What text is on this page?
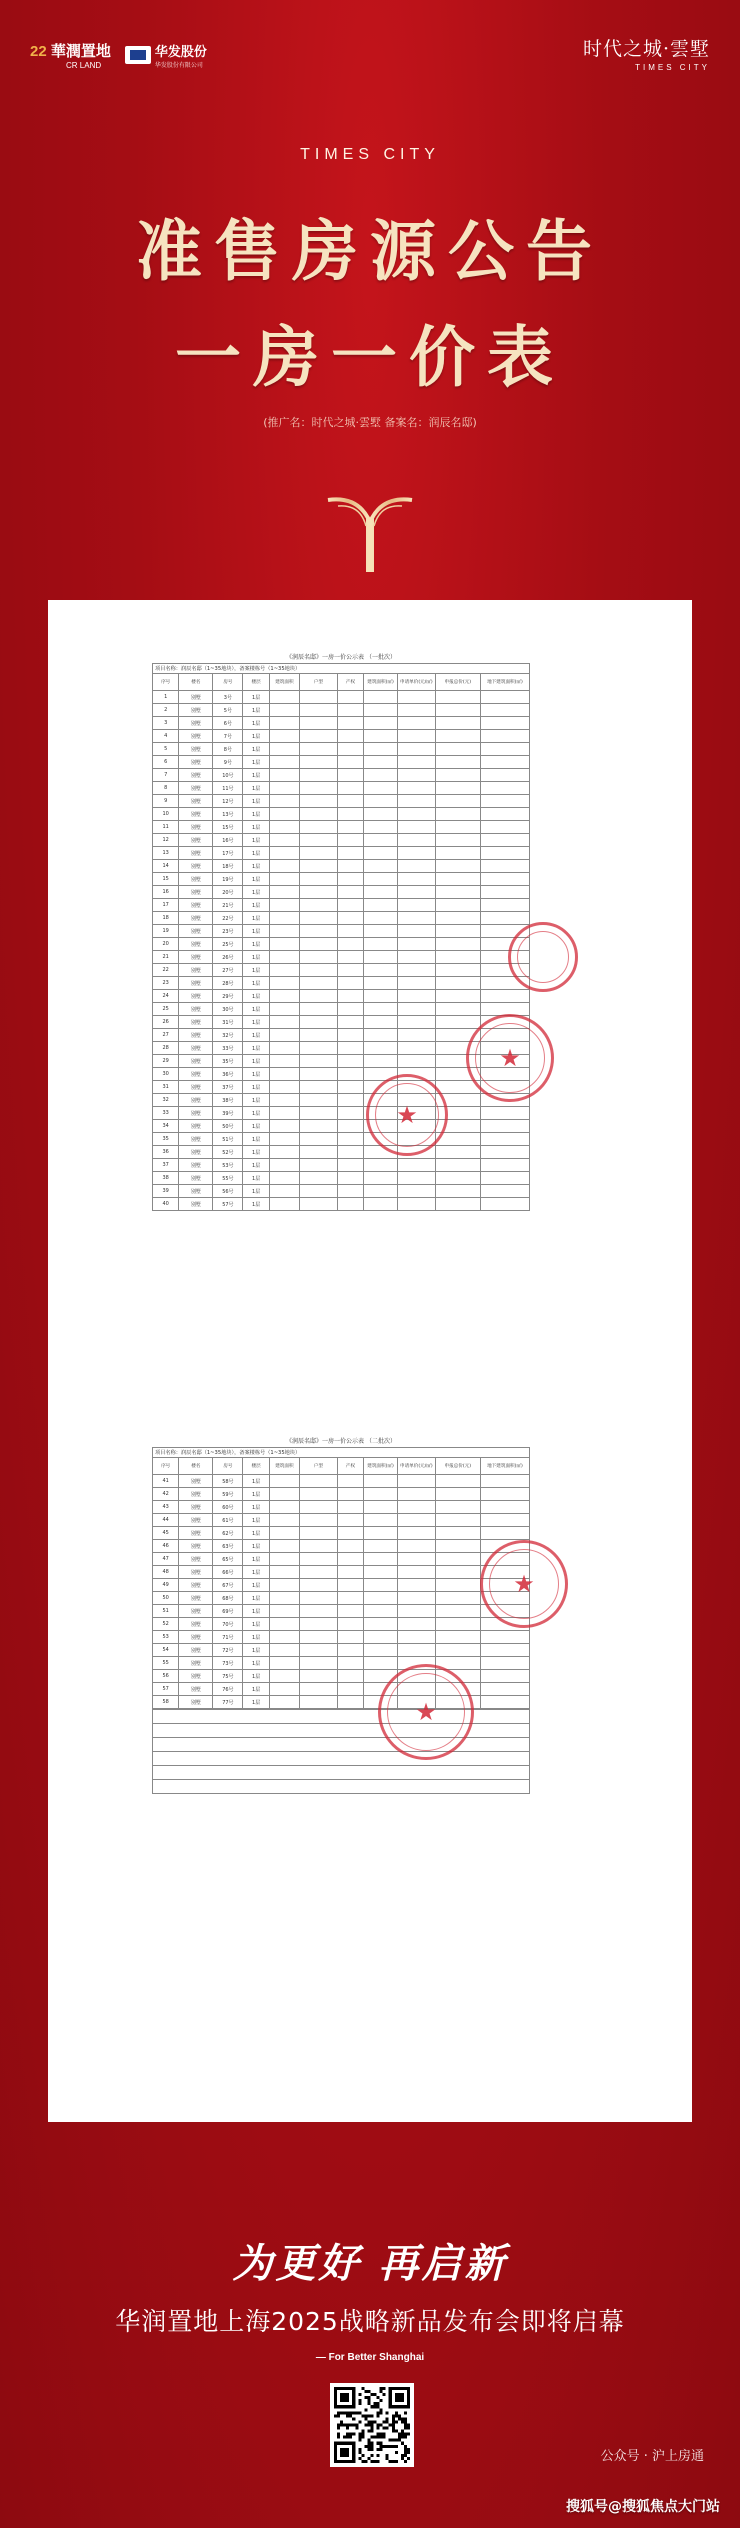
22 華潤置地
CR LAND
华发股份
华发股份有限公司
时代之城·雲墅
TIMES CITY
TIMES CITY
准售房源公告
一房一价表
(推广名：时代之城·雲墅 备案名：润辰名邸)
《润辰名邸》一房一价公示表 （一批次）
项目名称：润辰名邸（1~35地块），备案楼栋号（1~35地块）
序号	楼名	房号	楼层	建筑面积	户型	产权	建筑面积(㎡)	申请单价(元/㎡)	申报总价(元)	地下建筑面积(㎡)
1	别墅	3号	1层							
2	别墅	5号	1层							
3	别墅	6号	1层							
4	别墅	7号	1层							
5	别墅	8号	1层							
6	别墅	9号	1层							
7	别墅	10号	1层							
8	别墅	11号	1层							
9	别墅	12号	1层							
10	别墅	13号	1层							
11	别墅	15号	1层							
12	别墅	16号	1层							
13	别墅	17号	1层							
14	别墅	18号	1层							
15	别墅	19号	1层							
16	别墅	20号	1层							
17	别墅	21号	1层							
18	别墅	22号	1层							
19	别墅	23号	1层							
20	别墅	25号	1层							
21	别墅	26号	1层							
22	别墅	27号	1层							
23	别墅	28号	1层							
24	别墅	29号	1层							
25	别墅	30号	1层							
26	别墅	31号	1层							
27	别墅	32号	1层							
28	别墅	33号	1层							
29	别墅	35号	1层							
30	别墅	36号	1层							
31	别墅	37号	1层							
32	别墅	38号	1层							
33	别墅	39号	1层							
34	别墅	50号	1层							
35	别墅	51号	1层							
36	别墅	52号	1层							
37	别墅	53号	1层							
38	别墅	55号	1层							
39	别墅	56号	1层							
40	别墅	57号	1层							
★
★
《润辰名邸》一房一价公示表 （二批次）
项目名称：润辰名邸（1~35地块），备案楼栋号（1~35地块）
序号	楼名	房号	楼层	建筑面积	户型	产权	建筑面积(㎡)	申请单价(元/㎡)	申报总价(元)	地下建筑面积(㎡)
41	别墅	58号	1层							
42	别墅	59号	1层							
43	别墅	60号	1层							
44	别墅	61号	1层							
45	别墅	62号	1层							
46	别墅	63号	1层							
47	别墅	65号	1层							
48	别墅	66号	1层							
49	别墅	67号	1层							
50	别墅	68号	1层							
51	别墅	69号	1层							
52	别墅	70号	1层							
53	别墅	71号	1层							
54	别墅	72号	1层							
55	别墅	73号	1层							
56	别墅	75号	1层							
57	别墅	76号	1层							
58	别墅	77号	1层							
★
★
为更好 再启新
华润置地上海2025战略新品发布会即将启幕
— For Better Shanghai
公众号 · 沪上房通
搜狐号@搜狐焦点大门站
